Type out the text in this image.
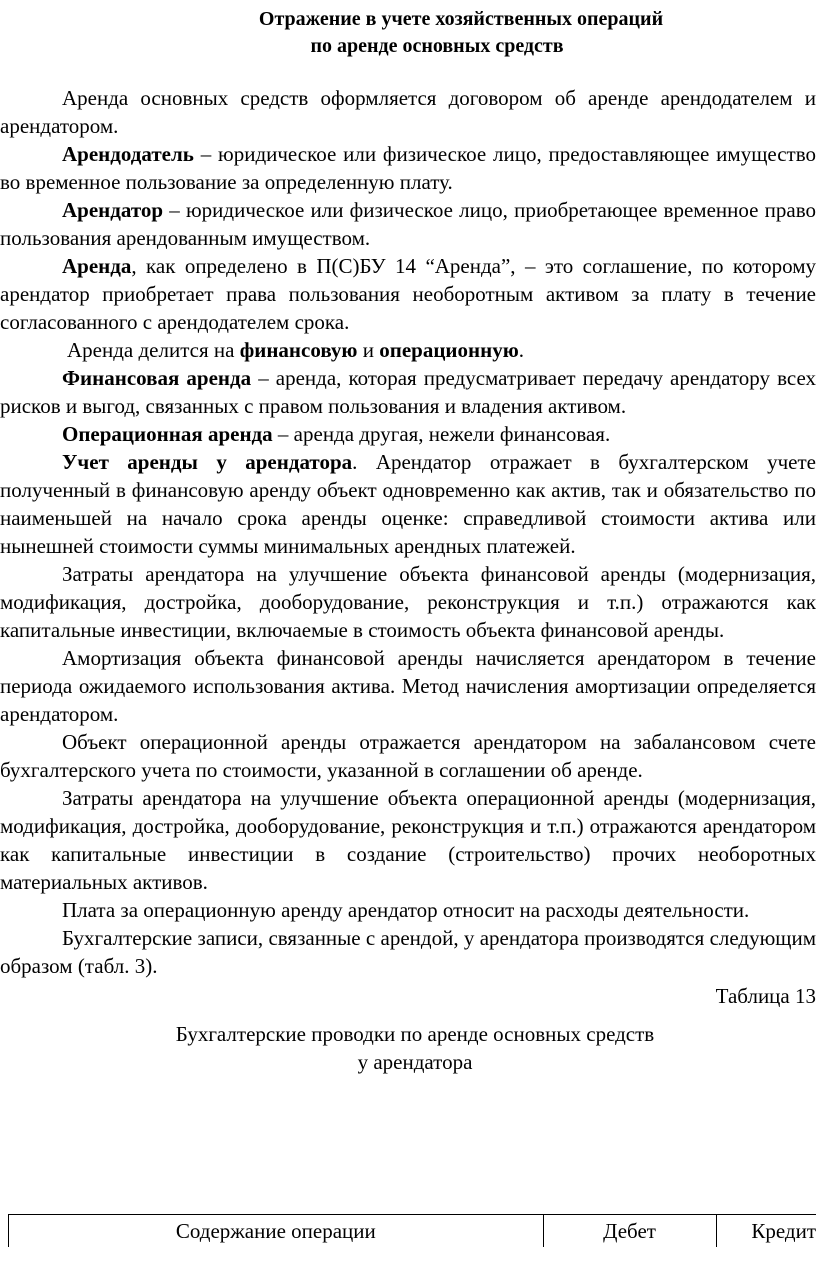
Отражение в учете хозяйственных операций
по аренде основных средств

Аренда основных средств оформляется договором об аренде арендодателем и арендатором.

Арендодатель – юридическое или физическое лицо, предоставляющее имущество во временное пользование за определенную плату.

Арендатор – юридическое или физическое лицо, приобретающее временное право пользования арендованным имуществом.

Аренда, как определено в П(С)БУ 14 “Аренда”, – это соглашение, по которому арендатор приобретает права пользования необоротным активом за плату в течение согласованного с арендодателем срока.

Аренда делится на финансовую и операционную.

Финансовая аренда – аренда, которая предусматривает передачу арендатору всех рисков и выгод, связанных с правом пользования и владения активом.

Операционная аренда – аренда другая, нежели финансовая.

Учет аренды у арендатора. Арендатор отражает в бухгалтерском учете полученный в финансовую аренду объект одновременно как актив, так и обязательство по наименьшей на начало срока аренды оценке: справедливой стоимости актива или нынешней стоимости суммы минимальных арендных платежей.

Затраты арендатора на улучшение объекта финансовой аренды (модернизация, модификация, достройка, дооборудование, реконструкция и т.п.) отражаются как капитальные инвестиции, включаемые в стоимость объекта финансовой аренды.

Амортизация объекта финансовой аренды начисляется арендатором в течение периода ожидаемого использования актива. Метод начисления амортизации определяется арендатором.

Объект операционной аренды отражается арендатором на забалансовом счете бухгалтерского учета по стоимости, указанной в соглашении об аренде.

Затраты арендатора на улучшение объекта операционной аренды (модернизация, модификация, достройка, дооборудование, реконструкция и т.п.) отражаются арендатором как капитальные инвестиции в создание (строительство) прочих необоротных материальных активов.

Плата за операционную аренду арендатор относит на расходы деятельности.

Бухгалтерские записи, связанные с арендой, у арендатора производятся следующим образом (табл. 3).

Таблица 13
Бухгалтерские проводки по аренде основных средств
у арендатора
Содержание операции	Дебет	Кредит
